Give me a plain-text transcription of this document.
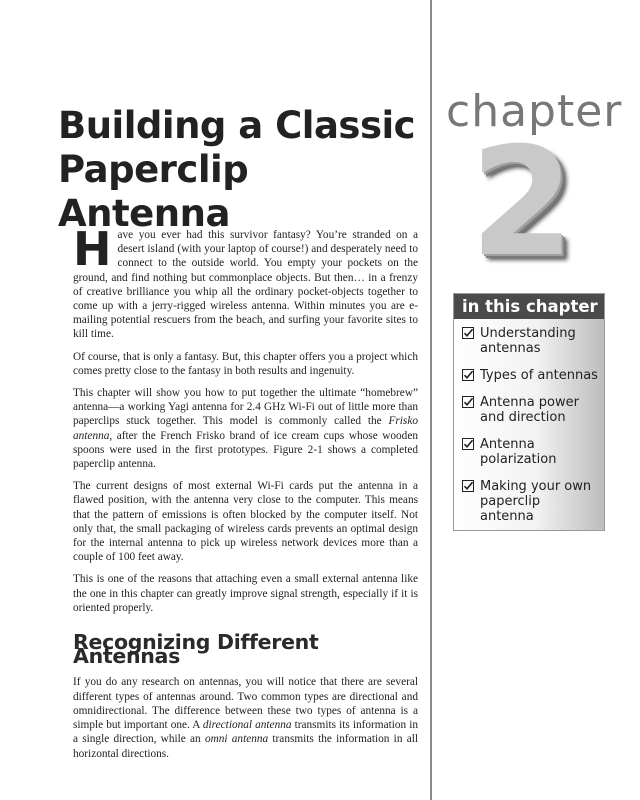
Building a Classic
Paperclip Antenna
chapter
2
in this chapter
Understanding antennas
Types of antennas
Antenna power and direction
Antenna polarization
Making your own paperclip antenna

Have you ever had this survivor fantasy? You’re stranded on a desert island (with your laptop of course!) and desperately need to connect to the outside world. You empty your pockets on the ground, and find nothing but commonplace objects. But then… in a frenzy of creative brilliance you whip all the ordinary pocket-objects together to come up with a jerry-rigged wireless antenna. Within minutes you are e-mailing potential rescuers from the beach, and surfing your favorite sites to kill time.

Of course, that is only a fantasy. But, this chapter offers you a project which comes pretty close to the fantasy in both results and ingenuity.

This chapter will show you how to put together the ultimate “homebrew” antenna—a working Yagi antenna for 2.4 GHz Wi-Fi out of little more than paperclips stuck together. This model is commonly called the Frisko antenna, after the French Frisko brand of ice cream cups whose wooden spoons were used in the first prototypes. Figure 2-1 shows a completed paperclip antenna.

The current designs of most external Wi-Fi cards put the antenna in a flawed position, with the antenna very close to the computer. This means that the pattern of emissions is often blocked by the computer itself. Not only that, the small packaging of wireless cards prevents an optimal design for the internal antenna to pick up wireless network devices more than a couple of 100 feet away.

This is one of the reasons that attaching even a small external antenna like the one in this chapter can greatly improve signal strength, especially if it is oriented properly.

Recognizing Different Antennas

If you do any research on antennas, you will notice that there are several different types of antennas around. Two common types are directional and omnidirectional. The difference between these two types of antenna is a simple but important one. A directional antenna transmits its information in a single direction, while an omni antenna transmits the information in all horizontal directions.
